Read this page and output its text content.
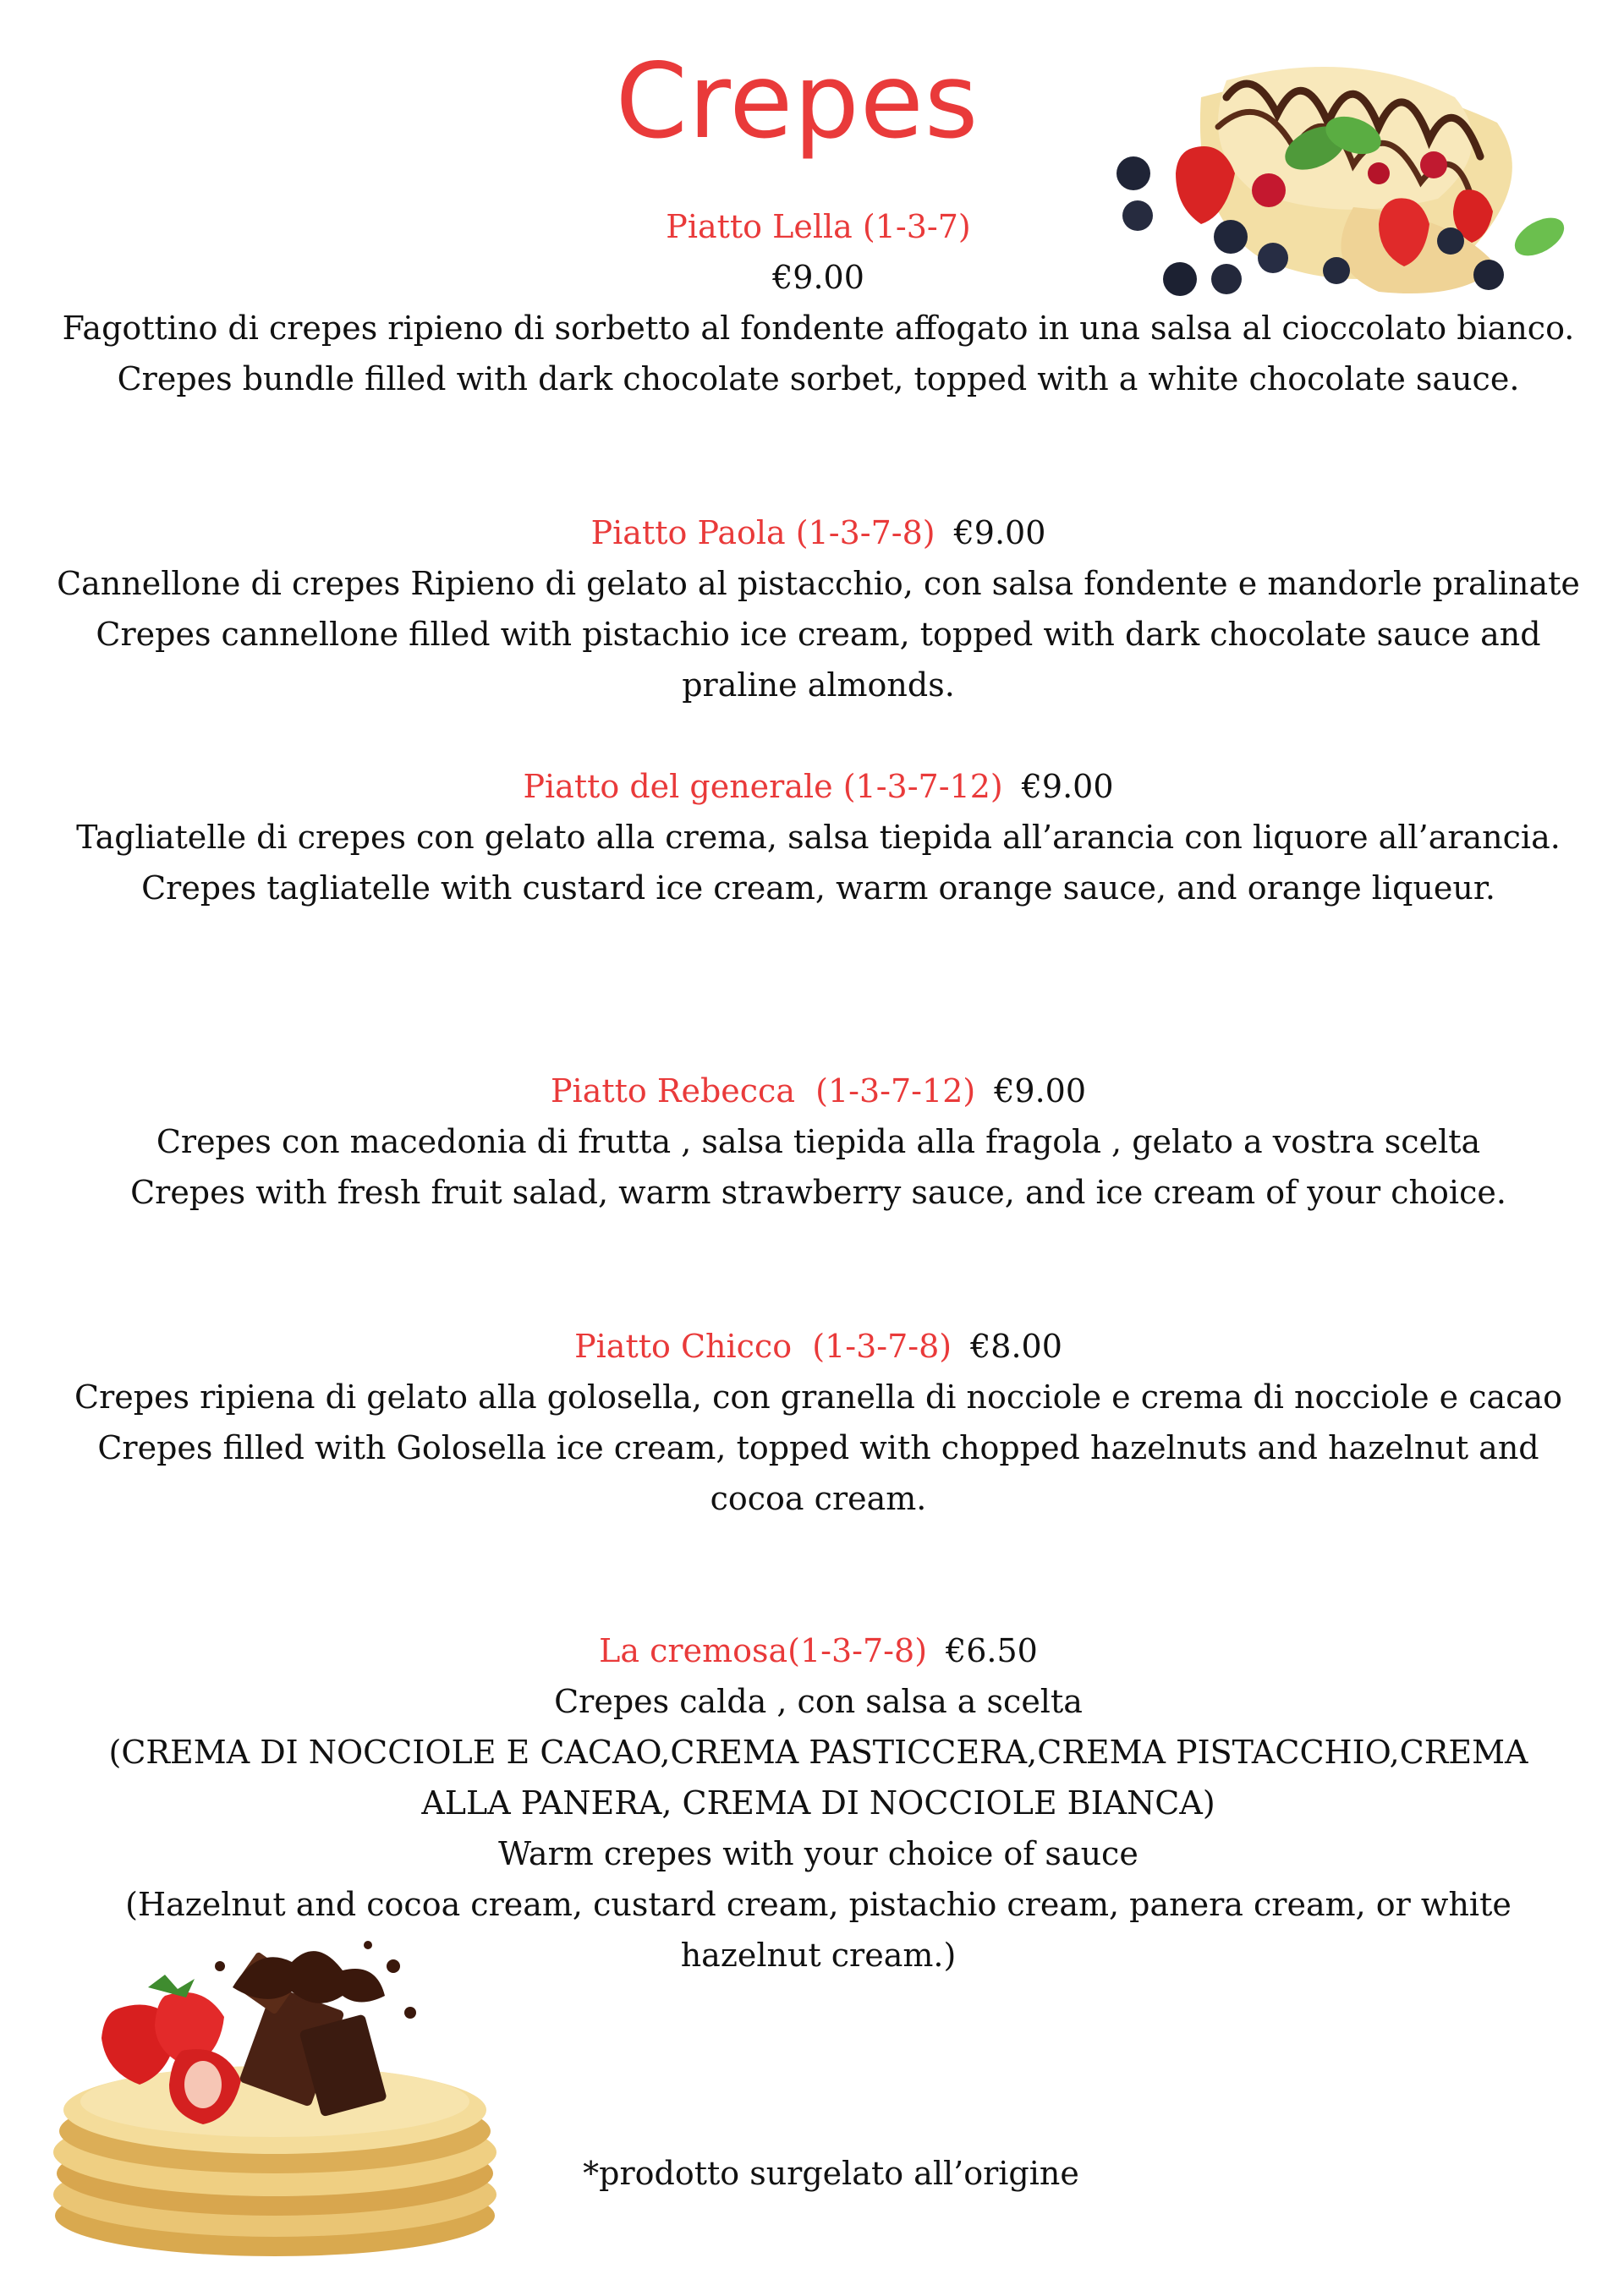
Crepes
Piatto Lella (1-3-7)
€9.00
Fagottino di crepes ripieno di sorbetto al fondente affogato in una salsa al cioccolato bianco.
Crepes bundle filled with dark chocolate sorbet, topped with a white chocolate sauce.
Piatto Paola (1-3-7-8) €9.00
Cannellone di crepes Ripieno di gelato al pistacchio, con salsa fondente e mandorle pralinate
Crepes cannellone filled with pistachio ice cream, topped with dark chocolate sauce and praline almonds.
Piatto del generale (1-3-7-12) €9.00
Tagliatelle di crepes con gelato alla crema, salsa tiepida all’arancia con liquore all’arancia.
Crepes tagliatelle with custard ice cream, warm orange sauce, and orange liqueur.
Piatto Rebecca  (1-3-7-12) €9.00
Crepes con macedonia di frutta , salsa tiepida alla fragola , gelato a vostra scelta
Crepes with fresh fruit salad, warm strawberry sauce, and ice cream of your choice.
Piatto Chicco  (1-3-7-8) €8.00
Crepes ripiena di gelato alla golosella, con granella di nocciole e crema di nocciole e cacao
Crepes filled with Golosella ice cream, topped with chopped hazelnuts and hazelnut and cocoa cream.
La cremosa(1-3-7-8) €6.50
Crepes calda , con salsa a scelta
(CREMA DI NOCCIOLE E CACAO,CREMA PASTICCERA,CREMA PISTACCHIO,CREMA ALLA PANERA, CREMA DI NOCCIOLE BIANCA)
Warm crepes with your choice of sauce
(Hazelnut and cocoa cream, custard cream, pistachio cream, panera cream, or white hazelnut cream.)
*prodotto surgelato all’origine
